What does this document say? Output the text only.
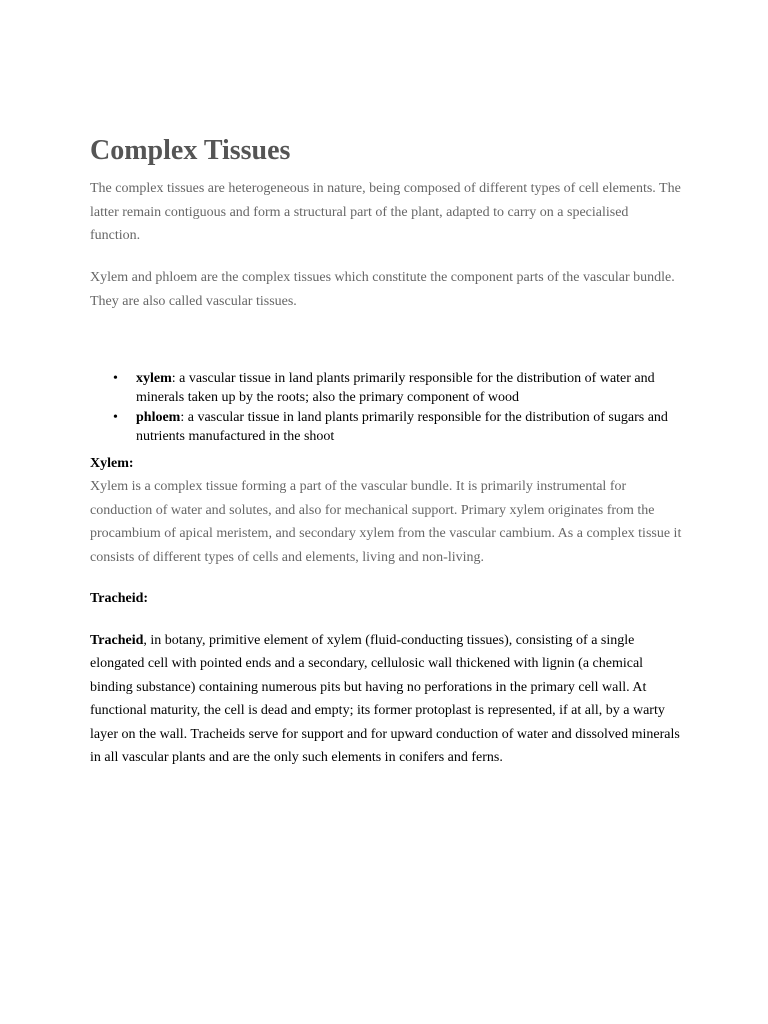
Complex Tissues

The complex tissues are heterogeneous in nature, being composed of different types of cell elements. The latter remain contiguous and form a structural part of the plant, adapted to carry on a specialised function.

Xylem and phloem are the complex tissues which constitute the component parts of the vascular bundle. They are also called vascular tissues.

• xylem: a vascular tissue in land plants primarily responsible for the distribution of water and minerals taken up by the roots; also the primary component of wood
• phloem: a vascular tissue in land plants primarily responsible for the distribution of sugars and nutrients manufactured in the shoot
Xylem:

Xylem is a complex tissue forming a part of the vascular bundle. It is primarily instrumental for conduction of water and solutes, and also for mechanical support. Primary xylem originates from the procambium of apical meristem, and secondary xylem from the vascular cambium. As a complex tissue it consists of different types of cells and elements, living and non-living.

Tracheid:

Tracheid, in botany, primitive element of xylem (fluid-conducting tissues), consisting of a single elongated cell with pointed ends and a secondary, cellulosic wall thickened with lignin (a chemical binding substance) containing numerous pits but having no perforations in the primary cell wall. At functional maturity, the cell is dead and empty; its former protoplast is represented, if at all, by a warty layer on the wall. Tracheids serve for support and for upward conduction of water and dissolved minerals in all vascular plants and are the only such elements in conifers and ferns.
